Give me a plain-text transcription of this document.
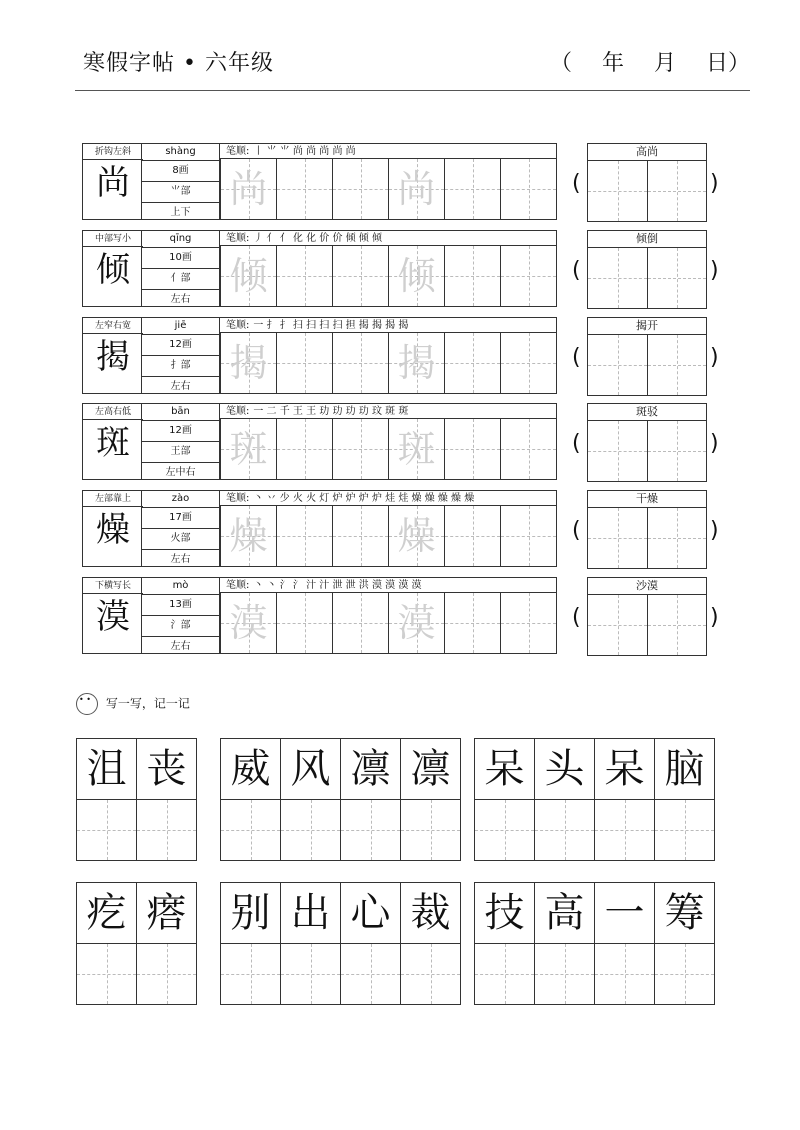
寒假字帖 • 六年级	（ 年 月 日）
折钩左斜
尚
shàng
8画
⺌部
上下
笔顺: 丨 ⺌ ⺌ 尚 尚 尚 尚 尚
尚	尚	(
高尚
)
中部写小
倾
qīng
10画
亻部
左右
笔顺: 丿 亻 亻 化 化 价 价 倾 倾 倾
倾	倾	(
倾倒
)
左窄右宽
揭
jiē
12画
扌部
左右
笔顺: 一 扌 扌 扫 扫 扫 扫 担 揭 揭 揭 揭
揭	揭	(
揭开
)
左高右低
斑
bān
12画
王部
左中右
笔顺: 一 二 千 王 王 玏 玏 玏 玏 玟 斑 斑
斑	斑	(
斑驳
)
左部靠上
燥
zào
17画
火部
左右
笔顺: 丶 丷 少 火 火 灯 炉 炉 炉 炉 烓 烓 燥 燥 燥 燥 燥
燥	燥	(
干燥
)
下横写长
漠
mò
13画
氵部
左右
笔顺: 丶 丶 氵 氵 汁 汁 泄 泄 洪 漠 漠 漠 漠
漠	漠	(
沙漠
)
• • 写一写，记一记
沮 丧 威 风 凛 凛 呆 头 呆 脑
疙 瘩 别 出 心 裁 技 高 一 筹
